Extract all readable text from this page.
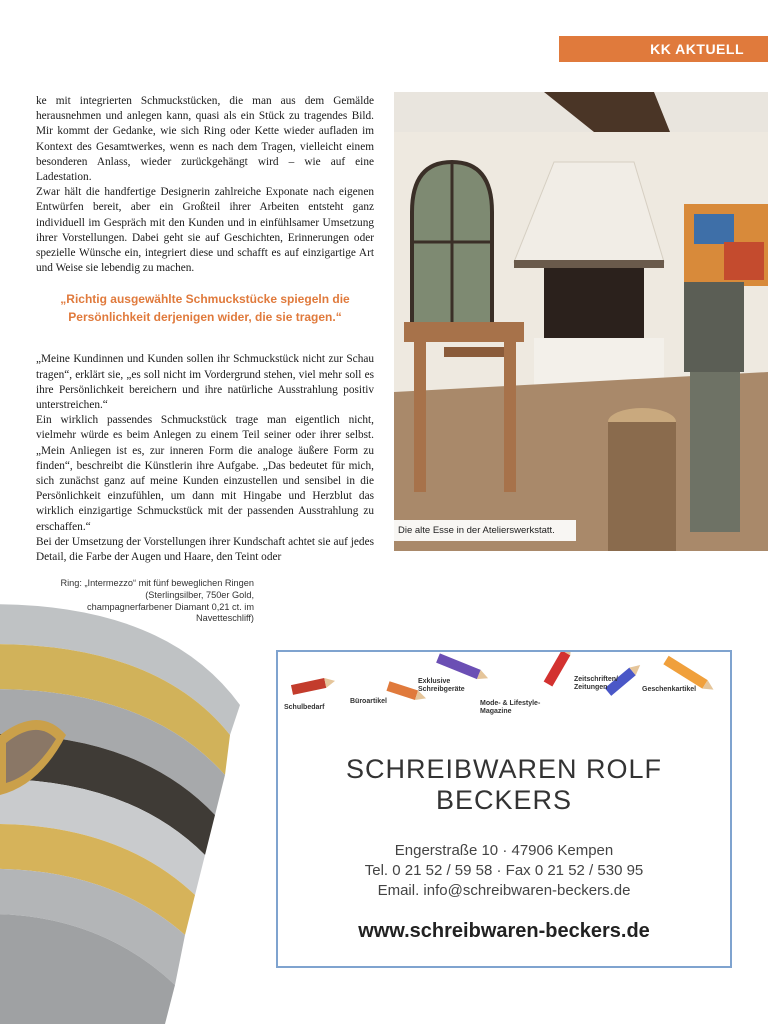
KK AKTUELL

ke mit integrierten Schmuckstücken, die man aus dem Gemälde herausnehmen und anlegen kann, quasi als ein Stück zu tragendes Bild. Mir kommt der Gedanke, wie sich Ring oder Kette wieder aufladen im Kontext des Gesamtwerkes, wenn es nach dem Tragen, vielleicht einem besonderen Anlass, wieder zurückgehängt wird – wie auf eine Ladestation.

Zwar hält die handfertige Designerin zahlreiche Exponate nach eigenen Entwürfen bereit, aber ein Großteil ihrer Arbeiten entsteht ganz individuell im Gespräch mit den Kunden und in einfühlsamer Umsetzung ihrer Vorstellungen. Dabei geht sie auf Geschichten, Erinnerungen oder spezielle Wünsche ein, integriert diese und schafft es auf einzigartige Art und Weise sie lebendig zu machen.

„Richtig ausgewählte Schmuckstücke spiegeln die Persönlichkeit derjenigen wider, die sie tragen.“

„Meine Kundinnen und Kunden sollen ihr Schmuckstück nicht zur Schau tragen“, erklärt sie, „es soll nicht im Vordergrund stehen, viel mehr soll es ihre Persönlichkeit bereichern und ihre natürliche Ausstrahlung positiv unterstreichen.“

Ein wirklich passendes Schmuckstück trage man eigentlich nicht, vielmehr würde es beim Anlegen zu einem Teil seiner oder ihrer selbst. „Mein Anliegen ist es, zur inneren Form die analoge äußere Form zu finden“, beschreibt die Künstlerin ihre Aufgabe. „Das bedeutet für mich, sich zunächst ganz auf meine Kunden einzustellen und sensibel in die Persönlichkeit einzufühlen, um dann mit Hingabe und Herzblut das wirklich einzigartige Schmuckstück mit der passenden Ausstrahlung zu erschaffen.“

Bei der Umsetzung der Vorstellungen ihrer Kundschaft achtet sie auf jedes Detail, die Farbe der Augen und Haare, den Teint oder

Die alte Esse in der Atelierswerkstatt.
Ring: „Intermezzo“ mit fünf beweglichen Ringen (Sterlingsilber, 750er Gold, champagnerfarbener Diamant 0,21 ct. im Navetteschliff)
Schulbedarf
Büroartikel
Exklusive Schreibgeräte
Mode- & Lifestyle-Magazine
Zeitschriften/ Zeitungen	Geschenkartikel
SCHREIBWAREN ROLF BECKERS
Engerstraße 10 · 47906 Kempen
Tel. 0 21 52 / 59 58 · Fax 0 21 52 / 530 95
Email. info@schreibwaren-beckers.de
www.schreibwaren-beckers.de
